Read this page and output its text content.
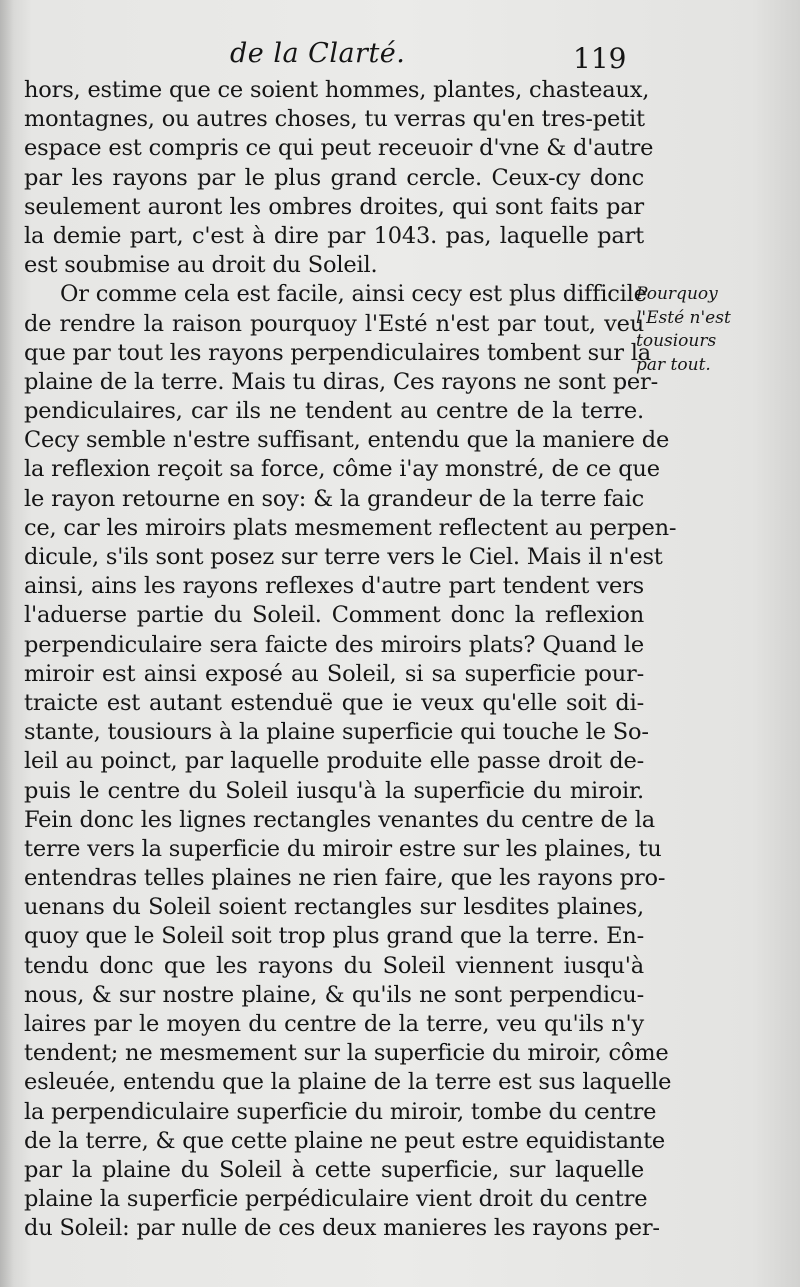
de la Clarté.	119
hors, estime que ce soient hommes, plantes, chasteaux,
montagnes, ou autres choses, tu verras qu'en tres-petit
espace est compris ce qui peut receuoir d'vne & d'autre
par les rayons par le plus grand cercle. Ceux-cy donc
seulement auront les ombres droites, qui sont faits par
la demie part, c'est à dire par 1043. pas, laquelle part
est soubmise au droit du Soleil.
Or comme cela est facile, ainsi cecy est plus difficile
de rendre la raison pourquoy l'Esté n'est par tout, veu
que par tout les rayons perpendiculaires tombent sur la
plaine de la terre. Mais tu diras, Ces rayons ne sont per-
pendiculaires, car ils ne tendent au centre de la terre.
Cecy semble n'estre suffisant, entendu que la maniere de
la reflexion reçoit sa force, côme i'ay monstré, de ce que
le rayon retourne en soy: & la grandeur de la terre faic
ce, car les miroirs plats mesmement reflectent au perpen-
dicule, s'ils sont posez sur terre vers le Ciel. Mais il n'est
ainsi, ains les rayons reflexes d'autre part tendent vers
l'aduerse partie du Soleil. Comment donc la reflexion
perpendiculaire sera faicte des miroirs plats? Quand le
miroir est ainsi exposé au Soleil, si sa superficie pour-
traicte est autant estenduë que ie veux qu'elle soit di-
stante, tousiours à la plaine superficie qui touche le So-
leil au poinct, par laquelle produite elle passe droit de-
puis le centre du Soleil iusqu'à la superficie du miroir.
Fein donc les lignes rectangles venantes du centre de la
terre vers la superficie du miroir estre sur les plaines, tu
entendras telles plaines ne rien faire, que les rayons pro-
uenans du Soleil soient rectangles sur lesdites plaines,
quoy que le Soleil soit trop plus grand que la terre. En-
tendu donc que les rayons du Soleil viennent iusqu'à
nous, & sur nostre plaine, & qu'ils ne sont perpendicu-
laires par le moyen du centre de la terre, veu qu'ils n'y
tendent; ne mesmement sur la superficie du miroir, côme
esleuée, entendu que la plaine de la terre est sus laquelle
la perpendiculaire superficie du miroir, tombe du centre
de la terre, & que cette plaine ne peut estre equidistante
par la plaine du Soleil à cette superficie, sur laquelle
plaine la superficie perpédiculaire vient droit du centre
du Soleil: par nulle de ces deux manieres les rayons per-
Pourquoy
l'Esté n'est
tousiours
par tout.
